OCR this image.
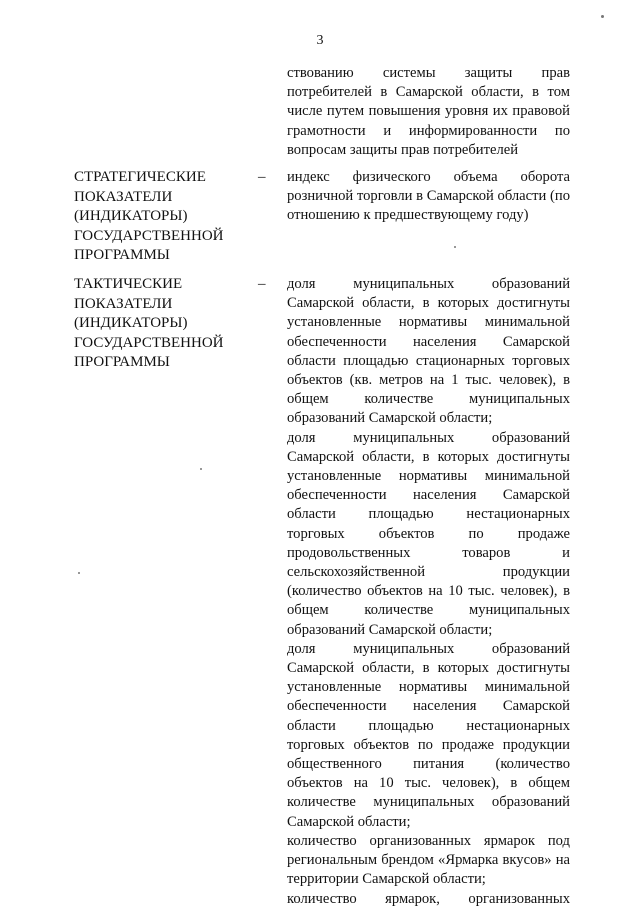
3
ствованию системы защиты прав потребителей в Самарской области, в том числе путем повышения уровня их правовой грамотности и информированности по вопросам защиты прав потребителей
СТРАТЕГИЧЕСКИЕ
ПОКАЗАТЕЛИ
(ИНДИКАТОРЫ)
ГОСУДАРСТВЕННОЙ
ПРОГРАММЫ
– индекс физического объема оборота розничной торговли в Самарской области (по отношению к предшествующему году)

ТАКТИЧЕСКИЕ
ПОКАЗАТЕЛИ
(ИНДИКАТОРЫ)
ГОСУДАРСТВЕННОЙ
ПРОГРАММЫ
– доля муниципальных образований Самарской области, в которых достигнуты установленные нормативы минимальной обеспеченности населения Самарской области площадью стационарных торговых объектов (кв. метров на 1 тыс. человек), в общем количестве муниципальных образований Самарской области;

доля муниципальных образований Самарской области, в которых достигнуты установленные нормативы минимальной обеспеченности населения Самарской области площадью нестационарных торговых объектов по продаже продовольственных товаров и сельскохозяйственной продукции (количество объектов на 10 тыс. человек), в общем количестве муниципальных образований Самарской области;

доля муниципальных образований Самарской области, в которых достигнуты установленные нормативы минимальной обеспеченности населения Самарской области площадью нестационарных торговых объектов по продаже продукции общественного питания (количество объектов на 10 тыс. человек), в общем количестве муниципальных образований Самарской области;

количество организованных ярмарок под региональным брендом «Ярмарка вкусов» на территории Самарской области;

количество ярмарок, организованных
